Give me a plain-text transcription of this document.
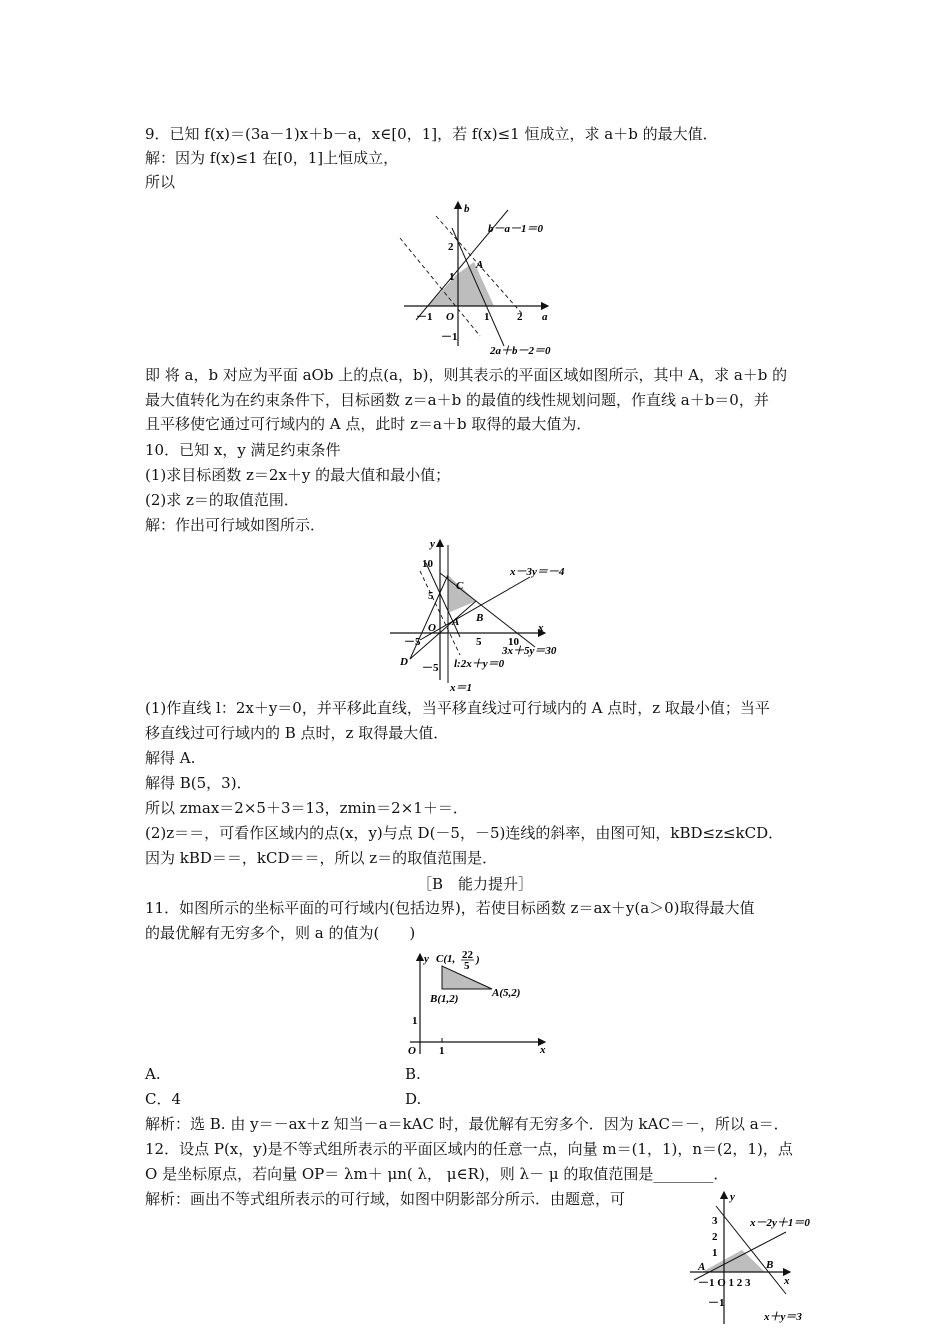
9．已知 f(x)＝(3a－1)x＋b－a，x∈[0，1]，若 f(x)≤1 恒成立，求 a＋b 的最大值．
解：因为 f(x)≤1 在[0，1]上恒成立，
所以
b
a
b－a－1＝0
2a＋b－2＝0
A
O
2
1
－1
－1	1	2
即 将 a，b 对应为平面 aOb 上的点(a，b)，则其表示的平面区域如图所示，其中 A，求 a＋b 的
最大值转化为在约束条件下，目标函数 z＝a＋b 的最值的线性规划问题，作直线 a＋b＝0，并
且平移使它通过可行域内的 A 点，此时 z＝a＋b 取得的最大值为．
10．已知 x，y 满足约束条件
(1)求目标函数 z＝2x＋y 的最大值和最小值；
(2)求 z＝的取值范围．
解：作出可行域如图所示．
y
x
x－3y＝－4
3x＋5y＝30
l:2x＋y＝0
x＝1
C
A B
D
O
10
5
－5
－5	5 10
(1)作直线 l：2x＋y＝0，并平移此直线，当平移直线过可行域内的 A 点时，z 取最小值；当平
移直线过可行域内的 B 点时，z 取得最大值．
解得 A.
解得 B(5，3)．
所以 zmax＝2×5＋3＝13，zmin＝2×1＋＝．
(2)z＝＝，可看作区域内的点(x，y)与点 D(－5，－5)连线的斜率，由图可知，kBD≤z≤kCD．
因为 kBD＝＝，kCD＝＝，所以 z＝的取值范围是．
［B　能力提升］
11．如图所示的坐标平面的可行域内(包括边界)，若使目标函数 z＝ax＋y(a＞0)取得最大值
的最优解有无穷多个，则 a 的值为(　　)
y
x
C(1, 22
5 )
B(1,2)	A(5,2)
1
O 1
A.	B.
C．4	D.
解析：选 B. 由 y＝－ax＋z 知当－a＝kAC 时，最优解有无穷多个．因为 kAC＝－，所以 a＝．
12．设点 P(x，y)是不等式组所表示的平面区域内的任意一点，向量 m＝(1，1)，n＝(2，1)，点
O 是坐标原点，若向量 OP＝ λm＋ μn( λ， μ∈R)，则 λ－ μ 的取值范围是________．
解析：画出不等式组所表示的可行域，如图中阴影部分所示．由题意，可	y
x
x－2y＋1＝0
x＋y＝3
3
2
1
A	B
－1 O 1 2 3
－1
